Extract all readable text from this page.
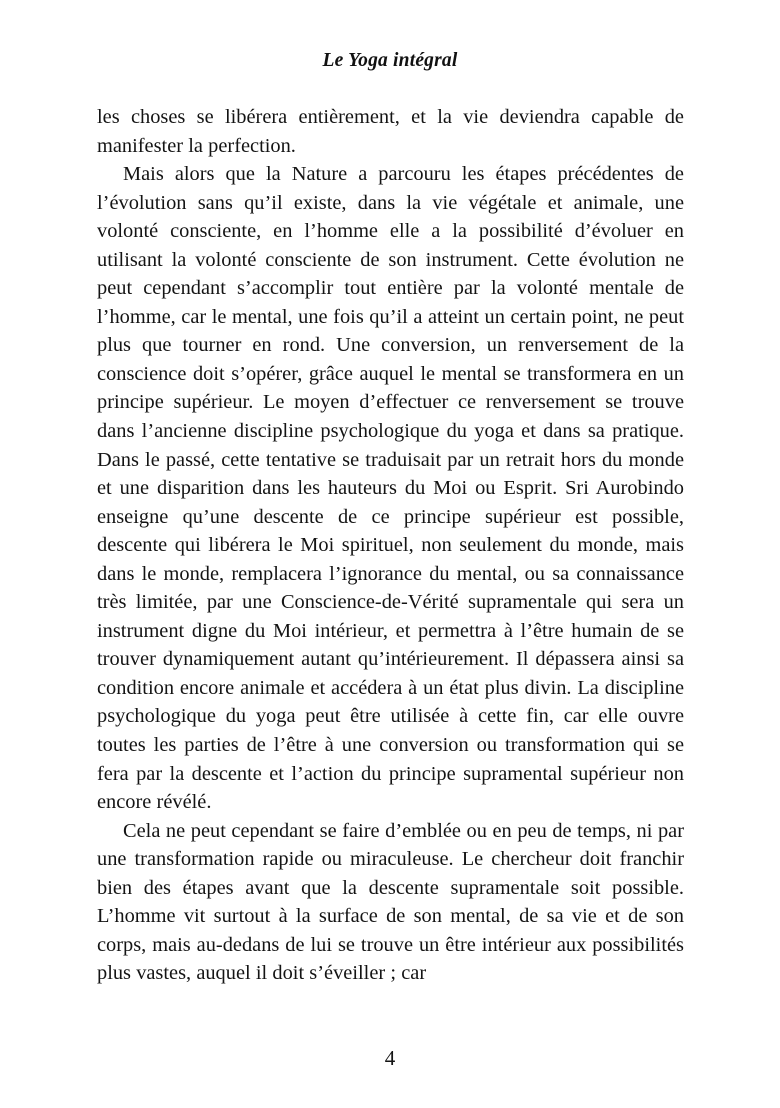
Le Yoga intégral

les choses se libérera entièrement, et la vie deviendra capable de manifester la perfection.

Mais alors que la Nature a parcouru les étapes précédentes de l’évolution sans qu’il existe, dans la vie végétale et animale, une volonté consciente, en l’homme elle a la possibilité d’évoluer en utilisant la volonté consciente de son instrument. Cette évolution ne peut cependant s’accomplir tout entière par la volonté mentale de l’homme, car le mental, une fois qu’il a atteint un certain point, ne peut plus que tourner en rond. Une conversion, un renversement de la conscience doit s’opérer, grâce auquel le mental se transformera en un principe supérieur. Le moyen d’effectuer ce renversement se trouve dans l’ancienne discipline psychologique du yoga et dans sa pratique. Dans le passé, cette tentative se traduisait par un retrait hors du monde et une disparition dans les hauteurs du Moi ou Esprit. Sri Aurobindo enseigne qu’une descente de ce principe supérieur est possible, descente qui libérera le Moi spirituel, non seulement du monde, mais dans le monde, remplacera l’ignorance du mental, ou sa connaissance très limitée, par une Conscience-de-Vérité supramentale qui sera un instrument digne du Moi intérieur, et permettra à l’être humain de se trouver dynamiquement autant qu’intérieurement. Il dépassera ainsi sa condition encore animale et accédera à un état plus divin. La discipline psychologique du yoga peut être utilisée à cette fin, car elle ouvre toutes les parties de l’être à une conversion ou transformation qui se fera par la descente et l’action du principe supramental supérieur non encore révélé.

Cela ne peut cependant se faire d’emblée ou en peu de temps, ni par une transformation rapide ou miraculeuse. Le chercheur doit franchir bien des étapes avant que la descente supramentale soit possible. L’homme vit surtout à la surface de son mental, de sa vie et de son corps, mais au-dedans de lui se trouve un être intérieur aux possibilités plus vastes, auquel il doit s’éveiller ; car

4
